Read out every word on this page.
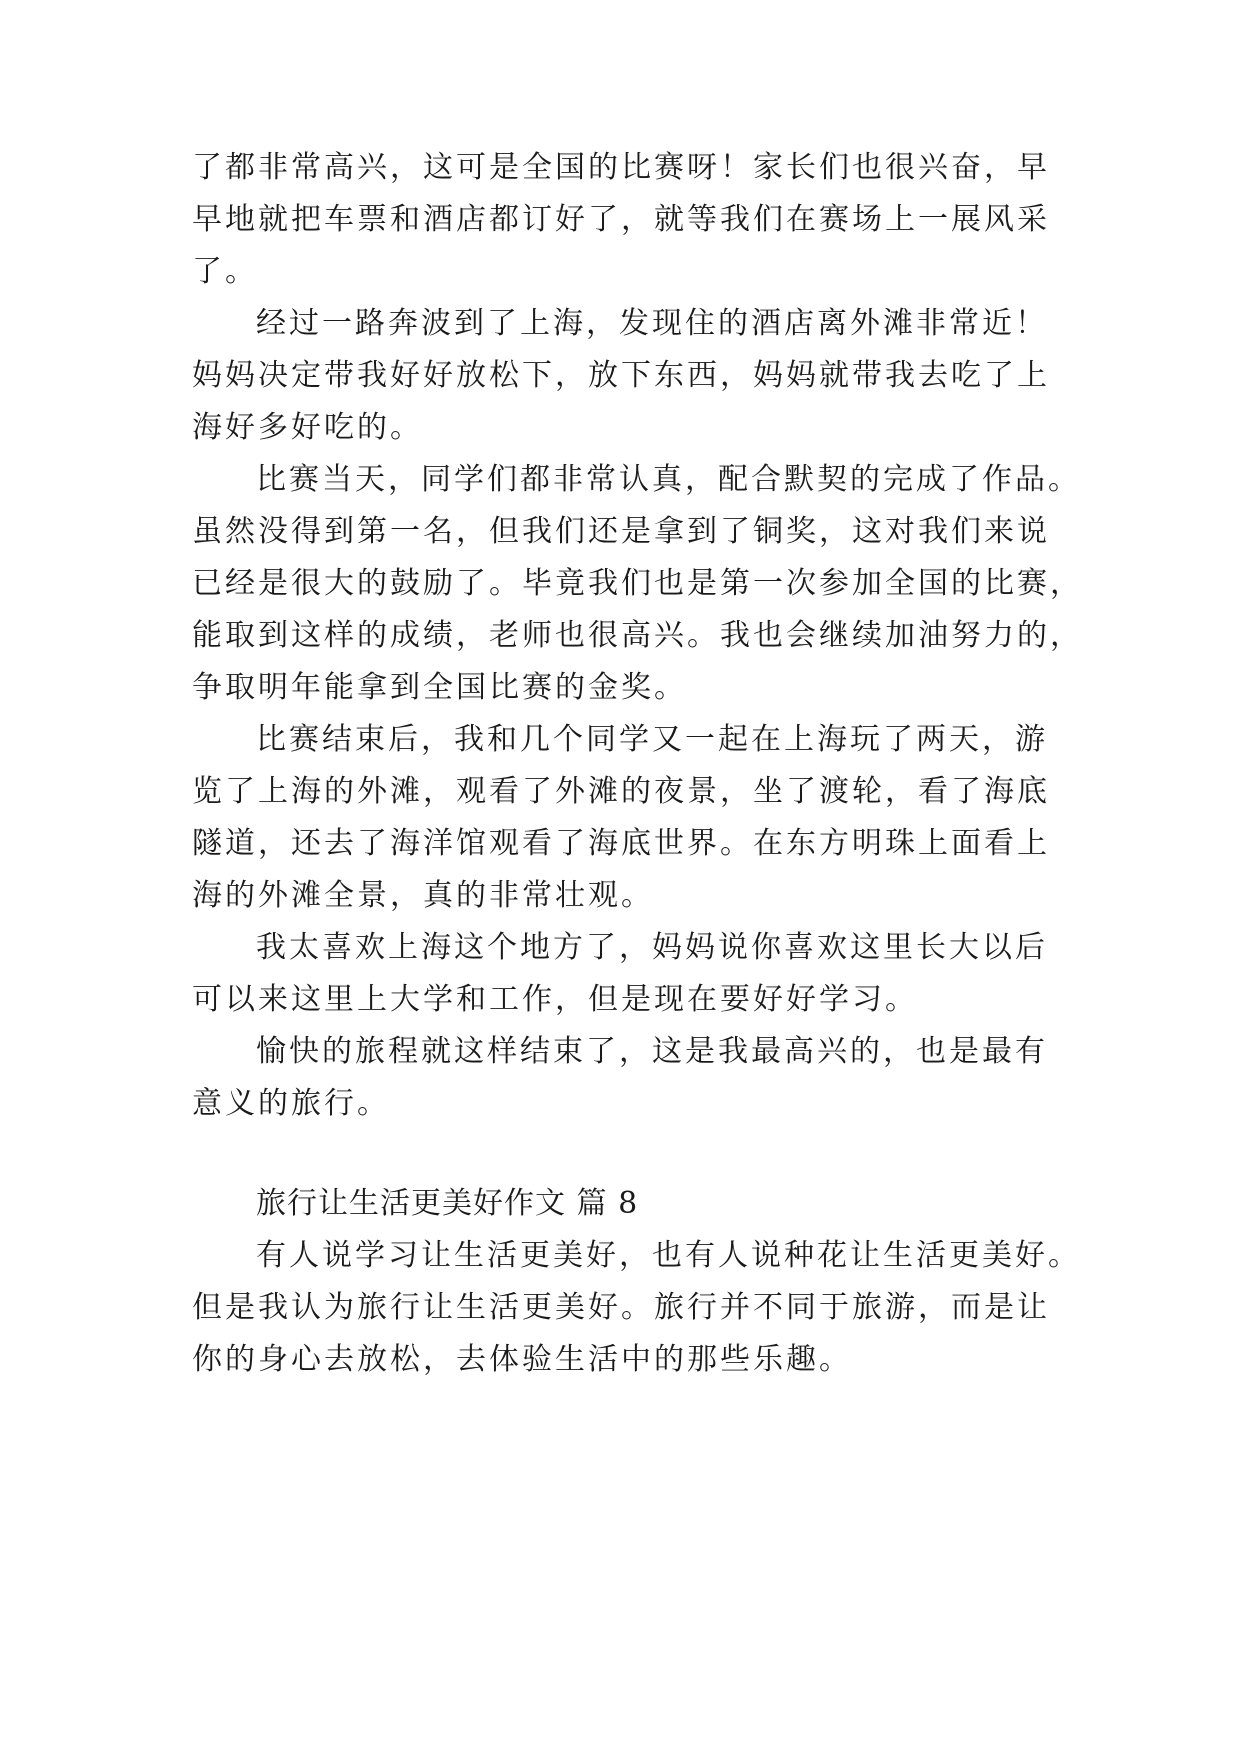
了都非常高兴，这可是全国的比赛呀！家长们也很兴奋，早
早地就把车票和酒店都订好了，就等我们在赛场上一展风采
了。
经过一路奔波到了上海，发现住的酒店离外滩非常近！
妈妈决定带我好好放松下，放下东西，妈妈就带我去吃了上
海好多好吃的。
比赛当天，同学们都非常认真，配合默契的完成了作品。
虽然没得到第一名，但我们还是拿到了铜奖，这对我们来说
已经是很大的鼓励了。毕竟我们也是第一次参加全国的比赛，
能取到这样的成绩，老师也很高兴。我也会继续加油努力的，
争取明年能拿到全国比赛的金奖。
比赛结束后，我和几个同学又一起在上海玩了两天，游
览了上海的外滩，观看了外滩的夜景，坐了渡轮，看了海底
隧道，还去了海洋馆观看了海底世界。在东方明珠上面看上
海的外滩全景，真的非常壮观。
我太喜欢上海这个地方了，妈妈说你喜欢这里长大以后
可以来这里上大学和工作，但是现在要好好学习。
愉快的旅程就这样结束了，这是我最高兴的，也是最有
意义的旅行。
旅行让生活更美好作文 篇 8
有人说学习让生活更美好，也有人说种花让生活更美好。
但是我认为旅行让生活更美好。旅行并不同于旅游，而是让
你的身心去放松，去体验生活中的那些乐趣。
